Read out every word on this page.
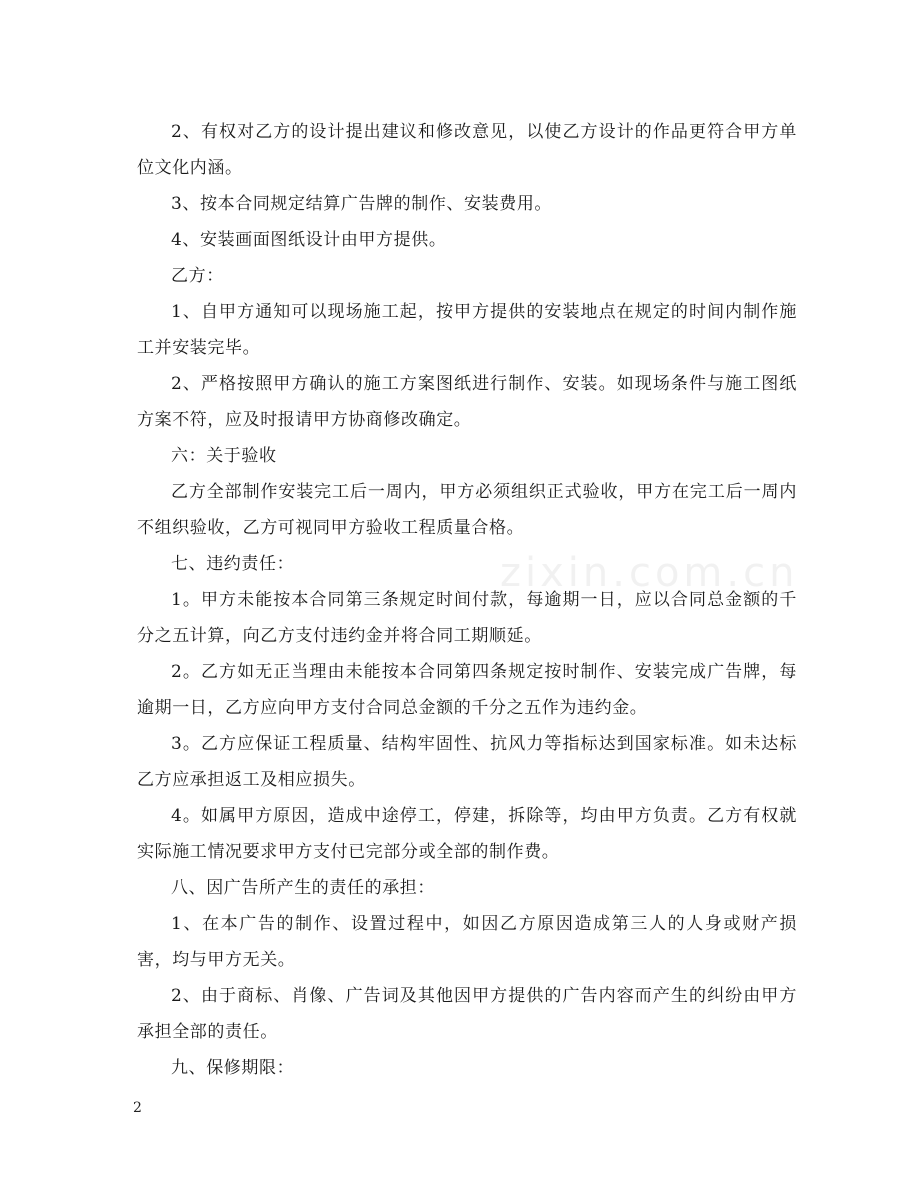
2、有权对乙方的设计提出建议和修改意见，以使乙方设计的作品更符合甲方单位文化内涵。

3、按本合同规定结算广告牌的制作、安装费用。

4、安装画面图纸设计由甲方提供。

乙方：

1、自甲方通知可以现场施工起，按甲方提供的安装地点在规定的时间内制作施工并安装完毕。

2、严格按照甲方确认的施工方案图纸进行制作、安装。如现场条件与施工图纸方案不符，应及时报请甲方协商修改确定。

六：关于验收

乙方全部制作安装完工后一周内，甲方必须组织正式验收，甲方在完工后一周内不组织验收，乙方可视同甲方验收工程质量合格。

七、违约责任：

1。甲方未能按本合同第三条规定时间付款，每逾期一日，应以合同总金额的千分之五计算，向乙方支付违约金并将合同工期顺延。

2。乙方如无正当理由未能按本合同第四条规定按时制作、安装完成广告牌，每逾期一日，乙方应向甲方支付合同总金额的千分之五作为违约金。

3。乙方应保证工程质量、结构牢固性、抗风力等指标达到国家标准。如未达标乙方应承担返工及相应损失。

4。如属甲方原因，造成中途停工，停建，拆除等，均由甲方负责。乙方有权就实际施工情况要求甲方支付已完部分或全部的制作费。

八、因广告所产生的责任的承担：

1、在本广告的制作、设置过程中，如因乙方原因造成第三人的人身或财产损害，均与甲方无关。

2、由于商标、肖像、广告词及其他因甲方提供的广告内容而产生的纠纷由甲方承担全部的责任。

九、保修期限：

zixin.com.cn
2
